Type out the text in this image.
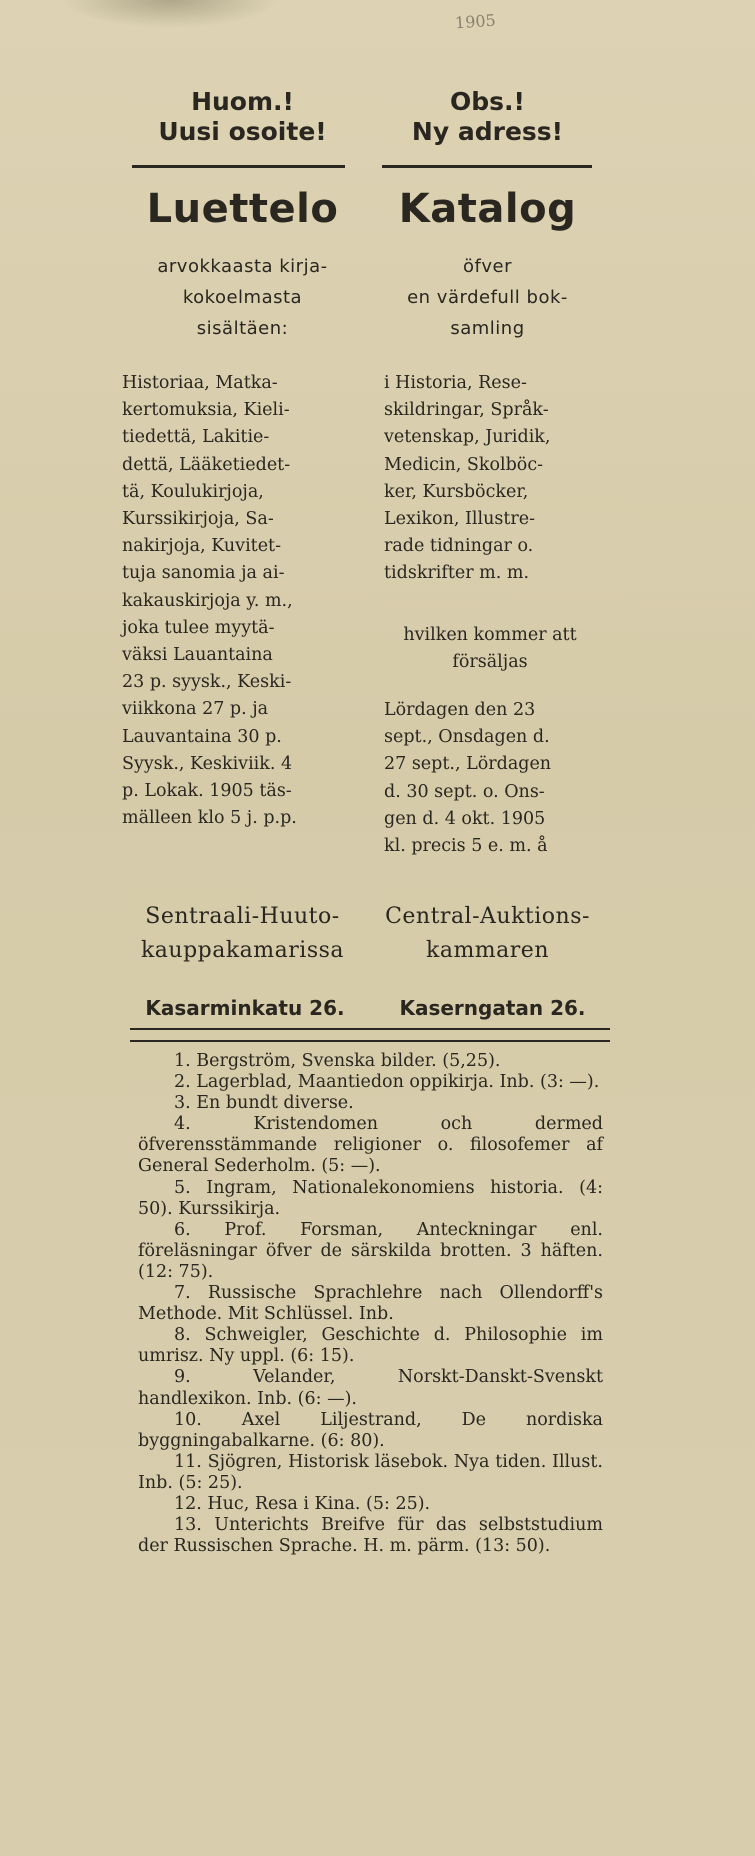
1905
Huom.!
Uusi osoite!
Obs.!
Ny adress!
Luettelo	Katalog
arvokkaasta kirja-
kokoelmasta
sisältäen:
öfver
en värdefull bok-
samling

Historiaa, Matka-

kertomuksia, Kieli-

tiedettä, Lakitie-

dettä, Lääketiedet-

tä, Koulukirjoja,

Kurssikirjoja, Sa-

nakirjoja, Kuvitet-

tuja sanomia ja ai-

kakauskirjoja y. m.,

joka tulee myytä-

väksi Lauantaina

23 p. syysk., Keski-

viikkona 27 p. ja

Lauvantaina 30 p.

Syysk., Keskiviik. 4

p. Lokak. 1905 täs-

mälleen klo 5 j. p.p.

i Historia, Rese-

skildringar, Språk-

vetenskap, Juridik,

Medicin, Skolböc-

ker, Kursböcker,

Lexikon, Illustre-

rade tidningar o.

tidskrifter m. m.

hvilken kommer att

försäljas

Lördagen den 23

sept., Onsdagen d.

27 sept., Lördagen

d. 30 sept. o. Ons-

gen d. 4 okt. 1905

kl. precis 5 e. m. å

Sentraali-Huuto-
kauppakamarissa
Central-Auktions-
kammaren
Kasarminkatu 26.	Kaserngatan 26.

1. Bergström, Svenska bilder. (5,25).

2. Lagerblad, Maantiedon oppikirja. Inb. (3: —).

3. En bundt diverse.

4. Kristendomen och dermed öfverensstämmande religioner o. filosofemer af General Sederholm. (5: —).

5. Ingram, Nationalekonomiens historia. (4: 50). Kurssikirja.

6. Prof. Forsman, Anteckningar enl. föreläsningar öfver de särskilda brotten. 3 häften. (12: 75).

7. Russische Sprachlehre nach Ollendorff's Methode. Mit Schlüssel. Inb.

8. Schweigler, Geschichte d. Philosophie im umrisz. Ny uppl. (6: 15).

9. Velander, Norskt-Danskt-Svenskt handlexikon. Inb. (6: —).

10. Axel Liljestrand, De nordiska byggningabalkarne. (6: 80).

11. Sjögren, Historisk läsebok. Nya tiden. Illust. Inb. (5: 25).

12. Huc, Resa i Kina. (5: 25).

13. Unterichts Breifve für das selbststudium der Russischen Sprache. H. m. pärm. (13: 50).
